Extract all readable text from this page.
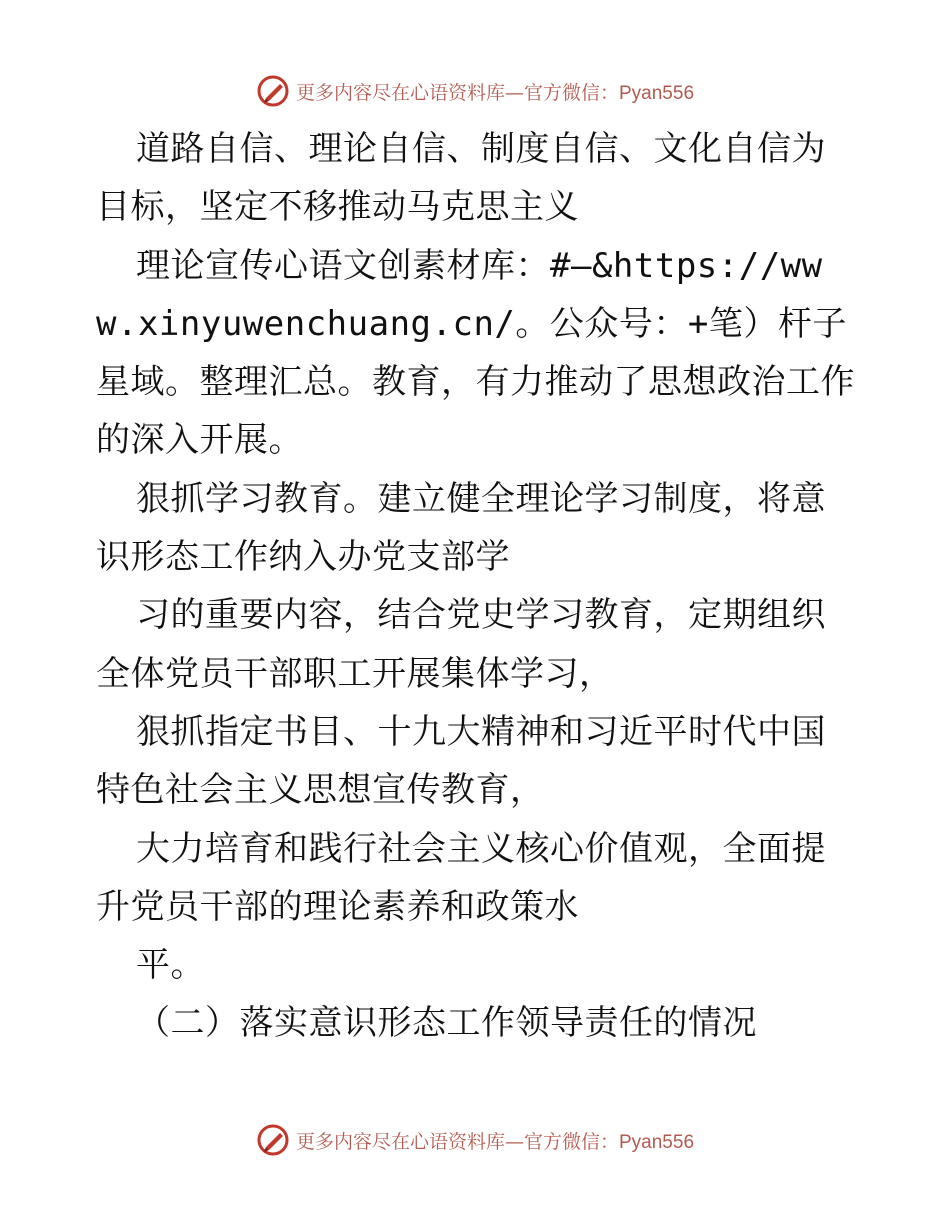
更多内容尽在心语资料库—官方微信：Pyan556

道路自信、理论自信、制度自信、文化自信为目标，坚定不移推动马克思主义

理论宣传心语文创素材库：#—&https://www.xinyuwenchuang.cn/。公众号：+笔）杆子星域。整理汇总。教育，有力推动了思想政治工作的深入开展。

狠抓学习教育。建立健全理论学习制度，将意识形态工作纳入办党支部学

习的重要内容，结合党史学习教育，定期组织全体党员干部职工开展集体学习，

狠抓指定书目、十九大精神和习近平时代中国特色社会主义思想宣传教育，

大力培育和践行社会主义核心价值观，全面提升党员干部的理论素养和政策水

平。

（二）落实意识形态工作领导责任的情况

更多内容尽在心语资料库—官方微信：Pyan556
